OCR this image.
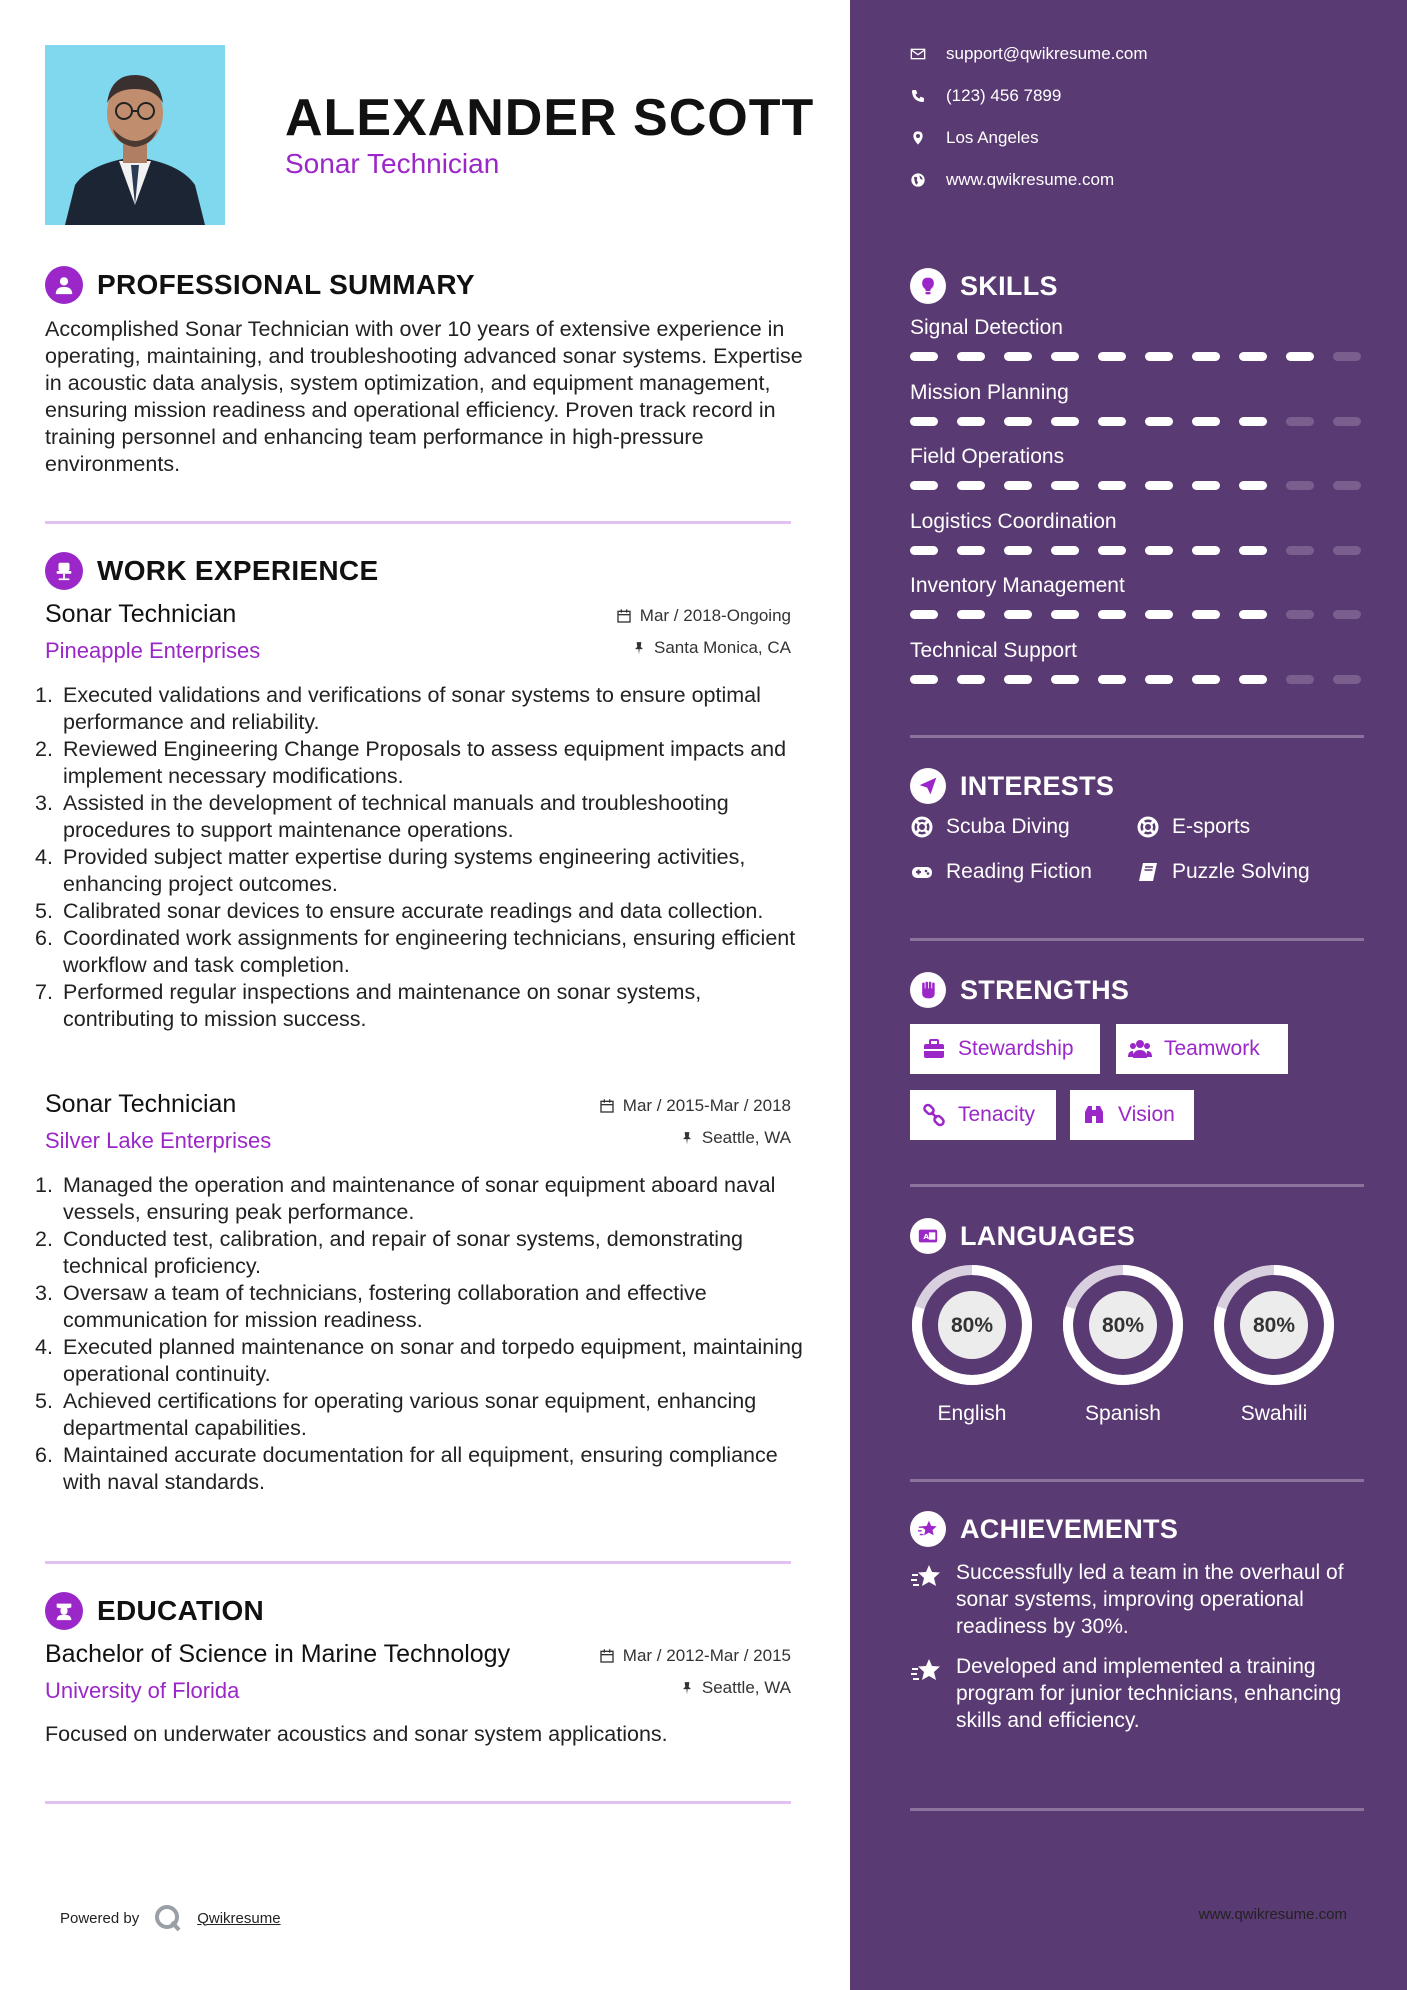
ALEXANDER SCOTT
Sonar Technician
PROFESSIONAL SUMMARY
Accomplished Sonar Technician with over 10 years of extensive experience in operating, maintaining, and troubleshooting advanced sonar systems. Expertise in acoustic data analysis, system optimization, and equipment management, ensuring mission readiness and operational efficiency. Proven track record in training personnel and enhancing team performance in high-pressure environments.
WORK EXPERIENCE
Sonar Technician
Pineapple Enterprises
Mar / 2018-Ongoing
Santa Monica, CA
1. Executed validations and verifications of sonar systems to ensure optimal performance and reliability.
2. Reviewed Engineering Change Proposals to assess equipment impacts and implement necessary modifications.
3. Assisted in the development of technical manuals and troubleshooting procedures to support maintenance operations.
4. Provided subject matter expertise during systems engineering activities, enhancing project outcomes.
5. Calibrated sonar devices to ensure accurate readings and data collection.
6. Coordinated work assignments for engineering technicians, ensuring efficient workflow and task completion.
7. Performed regular inspections and maintenance on sonar systems, contributing to mission success.
Sonar Technician
Silver Lake Enterprises
Mar / 2015-Mar / 2018
Seattle, WA
1. Managed the operation and maintenance of sonar equipment aboard naval vessels, ensuring peak performance.
2. Conducted test, calibration, and repair of sonar systems, demonstrating technical proficiency.
3. Oversaw a team of technicians, fostering collaboration and effective communication for mission readiness.
4. Executed planned maintenance on sonar and torpedo equipment, maintaining operational continuity.
5. Achieved certifications for operating various sonar equipment, enhancing departmental capabilities.
6. Maintained accurate documentation for all equipment, ensuring compliance with naval standards.
EDUCATION
Bachelor of Science in Marine Technology
University of Florida
Mar / 2012-Mar / 2015
Seattle, WA
Focused on underwater acoustics and sonar system applications.
Powered by	Qwikresume
support@qwikresume.com
(123) 456 7899
Los Angeles
www.qwikresume.com
SKILLS
Signal Detection
Mission Planning
Field Operations
Logistics Coordination
Inventory Management
Technical Support
INTERESTS
Scuba Diving	E-sports
Reading Fiction	Puzzle Solving
STRENGTHS
Stewardship	Teamwork
Tenacity	Vision
A LANGUAGES
80%
English
80%
Spanish
80%
Swahili
ACHIEVEMENTS
Successfully led a team in the overhaul of sonar systems, improving operational readiness by 30%.
Developed and implemented a training program for junior technicians, enhancing skills and efficiency.
www.qwikresume.com
